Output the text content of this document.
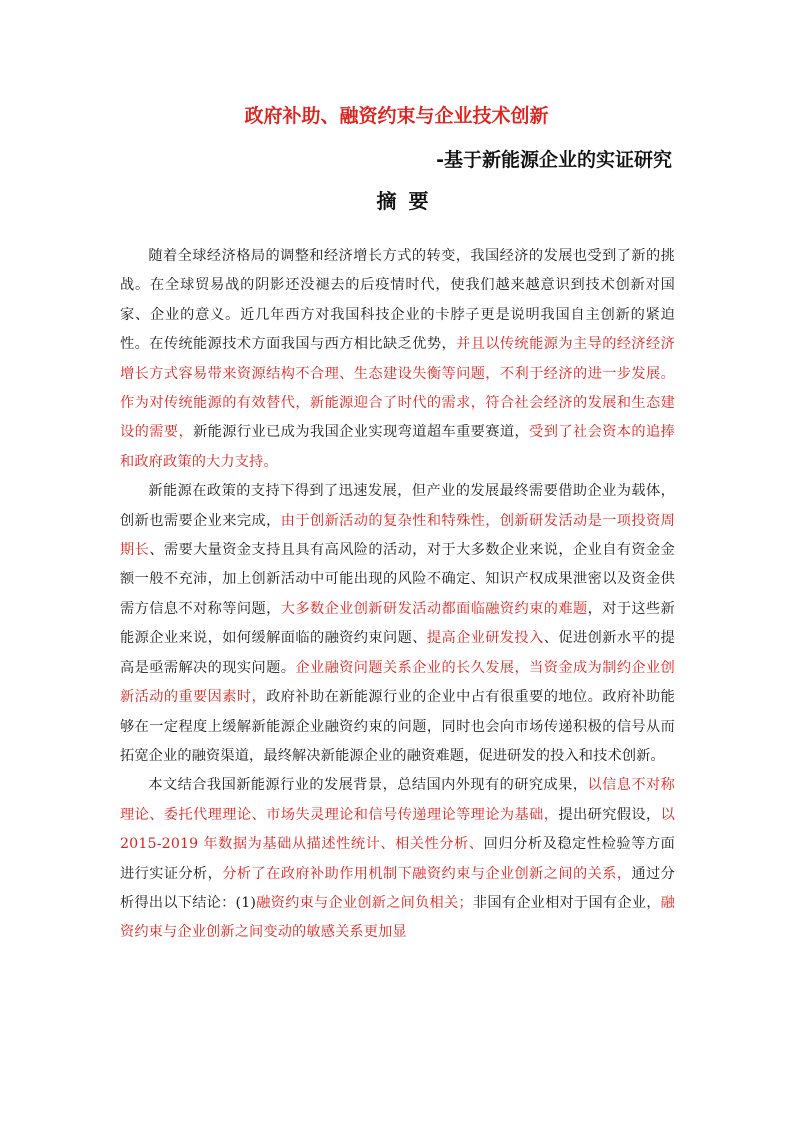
政府补助、融资约束与企业技术创新
-基于新能源企业的实证研究
摘要

随着全球经济格局的调整和经济增长方式的转变，我国经济的发展也受到了新的挑战。在全球贸易战的阴影还没褪去的后疫情时代，使我们越来越意识到技术创新对国家、企业的意义。近几年西方对我国科技企业的卡脖子更是说明我国自主创新的紧迫性。在传统能源技术方面我国与西方相比缺乏优势，并且以传统能源为主导的经济经济增长方式容易带来资源结构不合理、生态建设失衡等问题，不利于经济的进一步发展。作为对传统能源的有效替代，新能源迎合了时代的需求，符合社会经济的发展和生态建设的需要，新能源行业已成为我国企业实现弯道超车重要赛道，受到了社会资本的追捧和政府政策的大力支持。

新能源在政策的支持下得到了迅速发展，但产业的发展最终需要借助企业为载体，创新也需要企业来完成，由于创新活动的复杂性和特殊性，创新研发活动是一项投资周期长、需要大量资金支持且具有高风险的活动，对于大多数企业来说，企业自有资金金额一般不充沛，加上创新活动中可能出现的风险不确定、知识产权成果泄密以及资金供需方信息不对称等问题，大多数企业创新研发活动都面临融资约束的难题，对于这些新能源企业来说，如何缓解面临的融资约束问题、提高企业研发投入、促进创新水平的提高是亟需解决的现实问题。企业融资问题关系企业的长久发展，当资金成为制约企业创新活动的重要因素时，政府补助在新能源行业的企业中占有很重要的地位。政府补助能够在一定程度上缓解新能源企业融资约束的问题，同时也会向市场传递积极的信号从而拓宽企业的融资渠道，最终解决新能源企业的融资难题，促进研发的投入和技术创新。

本文结合我国新能源行业的发展背景，总结国内外现有的研究成果，以信息不对称理论、委托代理理论、市场失灵理论和信号传递理论等理论为基础，提出研究假设，以 2015-2019 年数据为基础从描述性统计、相关性分析、回归分析及稳定性检验等方面进行实证分析，分析了在政府补助作用机制下融资约束与企业创新之间的关系，通过分析得出以下结论：(1)融资约束与企业创新之间负相关；非国有企业相对于国有企业，融资约束与企业创新之间变动的敏感关系更加显
